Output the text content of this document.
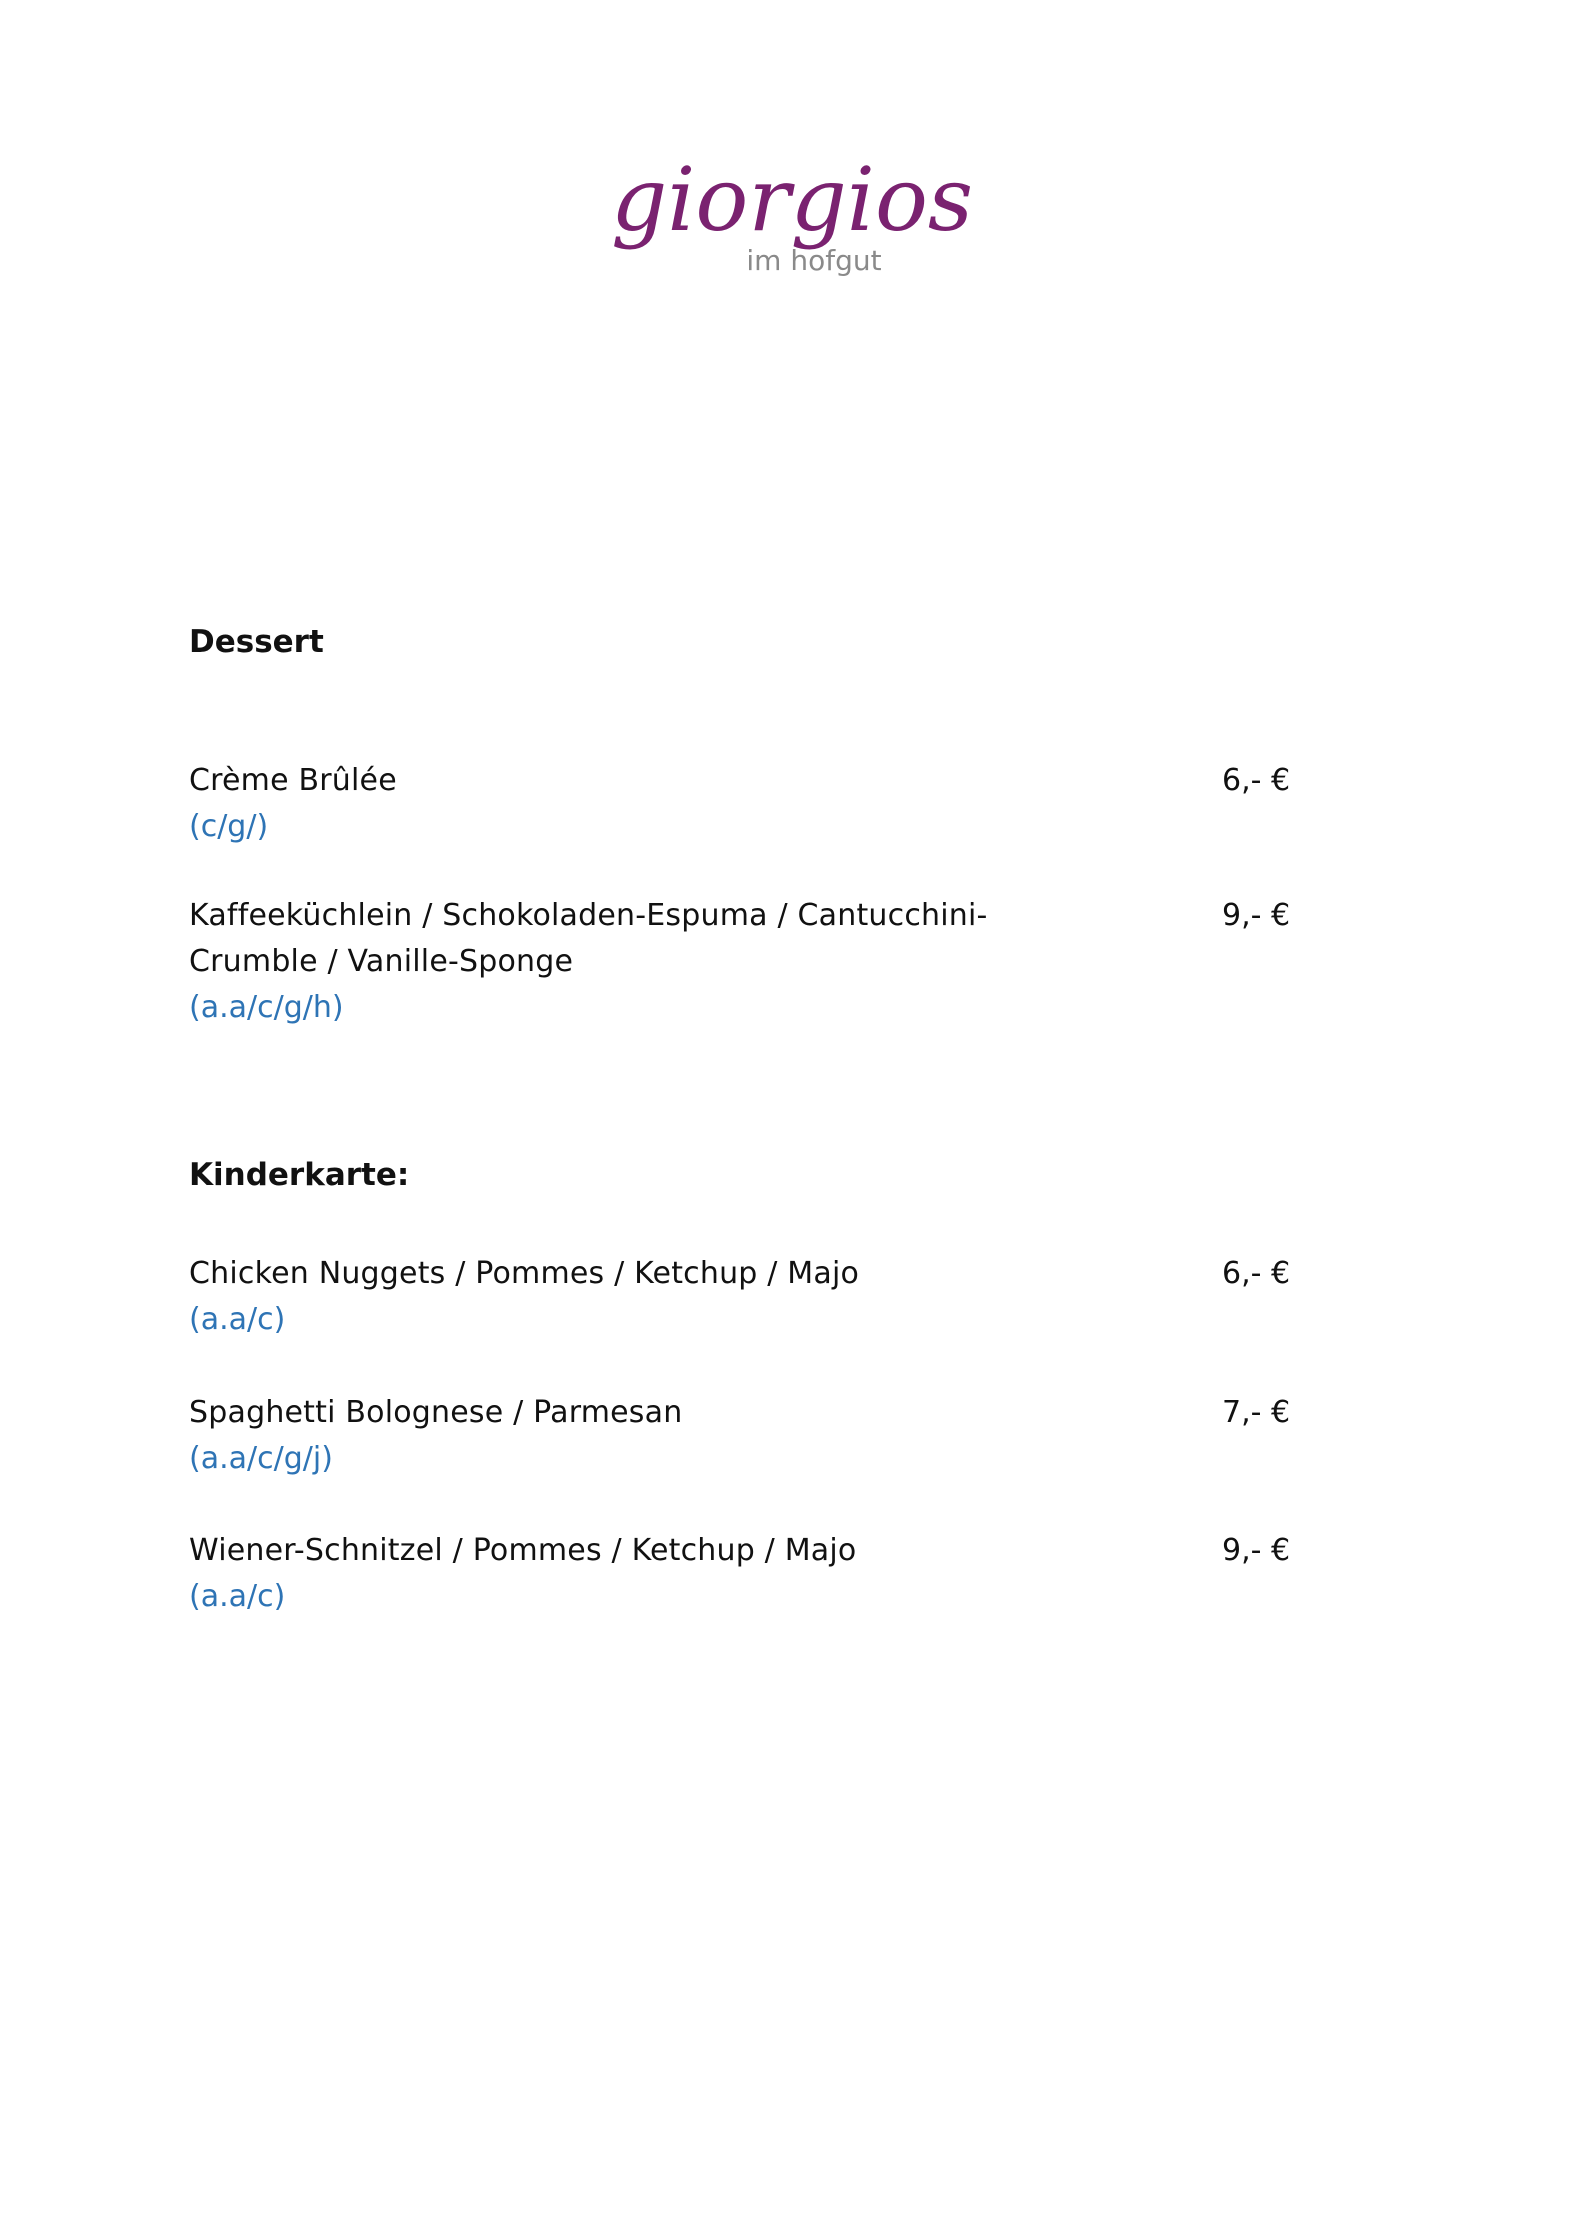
giorgios
im hofgut
Dessert
Crème Brûlée
(c/g/)
6,- €
Kaffeeküchlein / Schokoladen-Espuma / Cantucchini-Crumble / Vanille-Sponge
(a.a/c/g/h)
9,- €
Kinderkarte:
Chicken Nuggets / Pommes / Ketchup / Majo
(a.a/c)
6,- €
Spaghetti Bolognese / Parmesan
(a.a/c/g/j)
7,- €
Wiener-Schnitzel / Pommes / Ketchup / Majo
(a.a/c)
9,- €
